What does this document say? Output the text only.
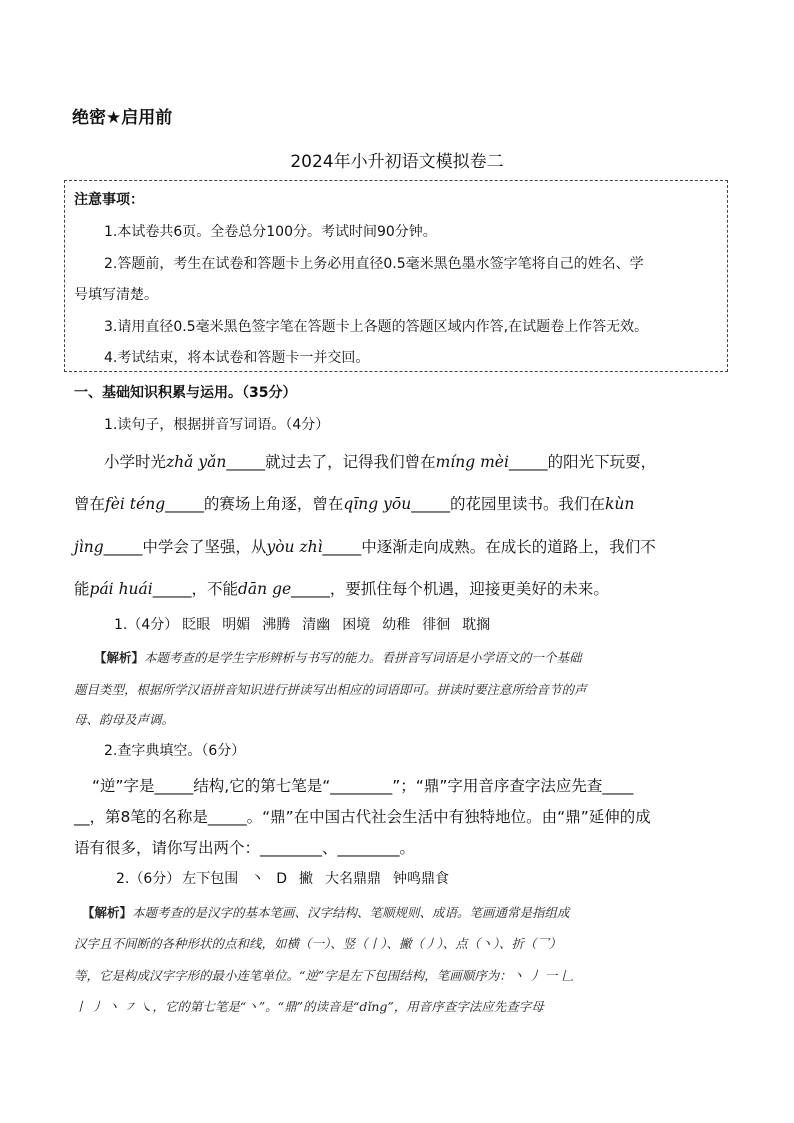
绝密★启用前
2024年小升初语文模拟卷二
注意事项：
1.本试卷共6页。全卷总分100分。考试时间90分钟。
2.答题前，考生在试卷和答题卡上务必用直径0.5毫米黑色墨水签字笔将自己的姓名、学
号填写清楚。
3.请用直径0.5毫米黑色签字笔在答题卡上各题的答题区域内作答,在试题卷上作答无效。
4.考试结束，将本试卷和答题卡一并交回。
一、基础知识积累与运用。（35分）
1.读句子，根据拼音写词语。（4分）
小学时光zhǎ yǎn_____就过去了，记得我们曾在míng mèi_____的阳光下玩耍，
曾在fèi téng_____的赛场上角逐，曾在qīng yōu_____的花园里读书。我们在kùn
jìng_____中学会了坚强，从yòu zhì_____中逐渐走向成熟。在成长的道路上，我们不
能pái huái_____，不能dān ge_____，要抓住每个机遇，迎接更美好的未来。
1.（4分） 眨眼 明媚 沸腾 清幽 困境 幼稚 徘徊 耽搁
【解析】本题考查的是学生字形辨析与书写的能力。看拼音写词语是小学语文的一个基础
题目类型，根据所学汉语拼音知识进行拼读写出相应的词语即可。拼读时要注意所给音节的声
母、韵母及声调。
2.查字典填空。（6分）
“逆”字是_____结构,它的第七笔是“________”；“鼎”字用音序查字法应先查____
__，第8笔的名称是_____。“鼎”在中国古代社会生活中有独特地位。由“鼎”延伸的成
语有很多，请你写出两个：________、________。
2.（6分） 左下包围 丶 D 撇 大名鼎鼎 钟鸣鼎食
【解析】本题考查的是汉字的基本笔画、汉字结构、笔顺规则、成语。笔画通常是指组成
汉字且不间断的各种形状的点和线，如横（一）、竖（丨）、撇（丿）、点（丶）、折（乛）
等，它是构成汉字字形的最小连笔单位。“逆”字是左下包围结构，笔画顺序为：丶 丿 一 𠃊
丨 丿 丶 ㇇ ㇏，它的第七笔是“丶”。“鼎”的读音是“dǐng”，用音序查字法应先查字母
